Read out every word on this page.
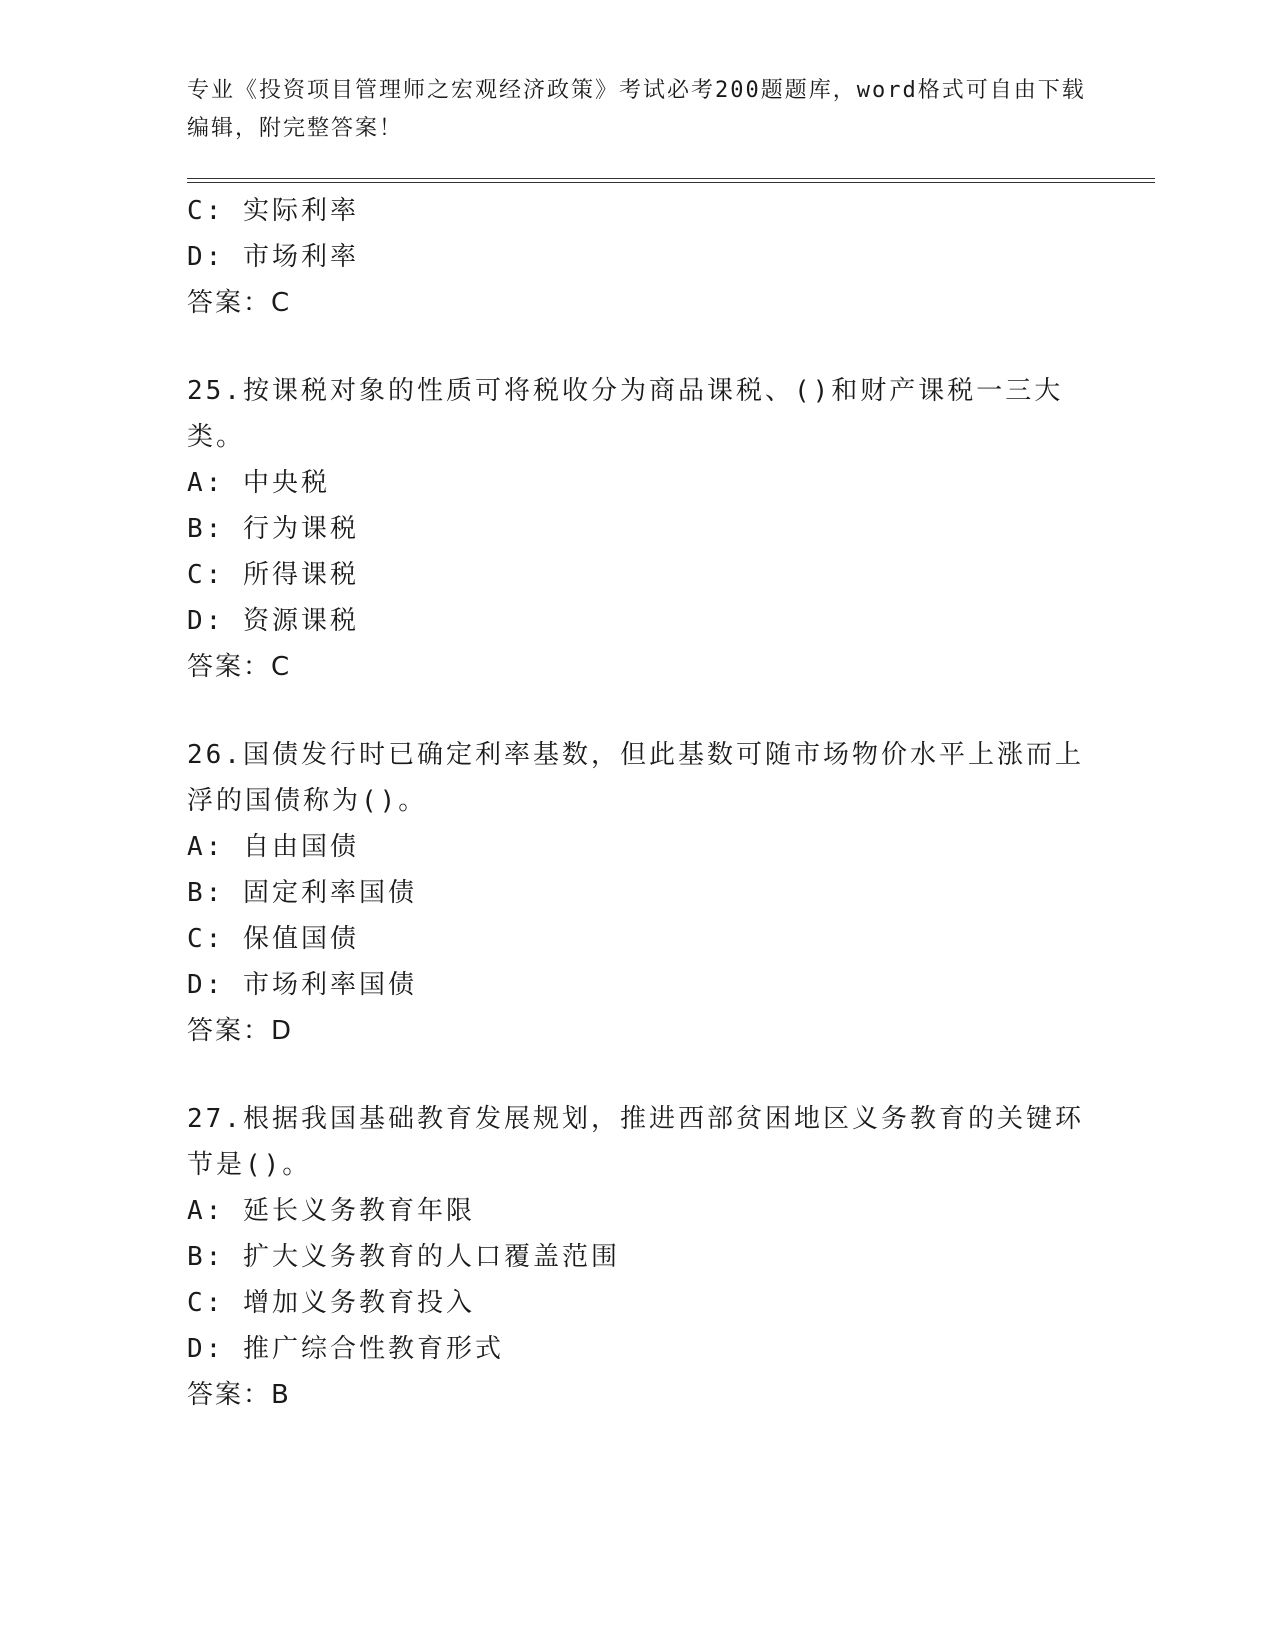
专业《投资项目管理师之宏观经济政策》考试必考200题题库，word格式可自由下载编辑，附完整答案！
C: 实际利率
D: 市场利率
答案：C
25.按课税对象的性质可将税收分为商品课税、()和财产课税一三大类。
A: 中央税
B: 行为课税
C: 所得课税
D: 资源课税
答案：C
26.国债发行时已确定利率基数，但此基数可随市场物价水平上涨而上浮的国债称为()。
A: 自由国债
B: 固定利率国债
C: 保值国债
D: 市场利率国债
答案：D
27.根据我国基础教育发展规划，推进西部贫困地区义务教育的关键环节是()。
A: 延长义务教育年限
B: 扩大义务教育的人口覆盖范围
C: 增加义务教育投入
D: 推广综合性教育形式
答案：B
